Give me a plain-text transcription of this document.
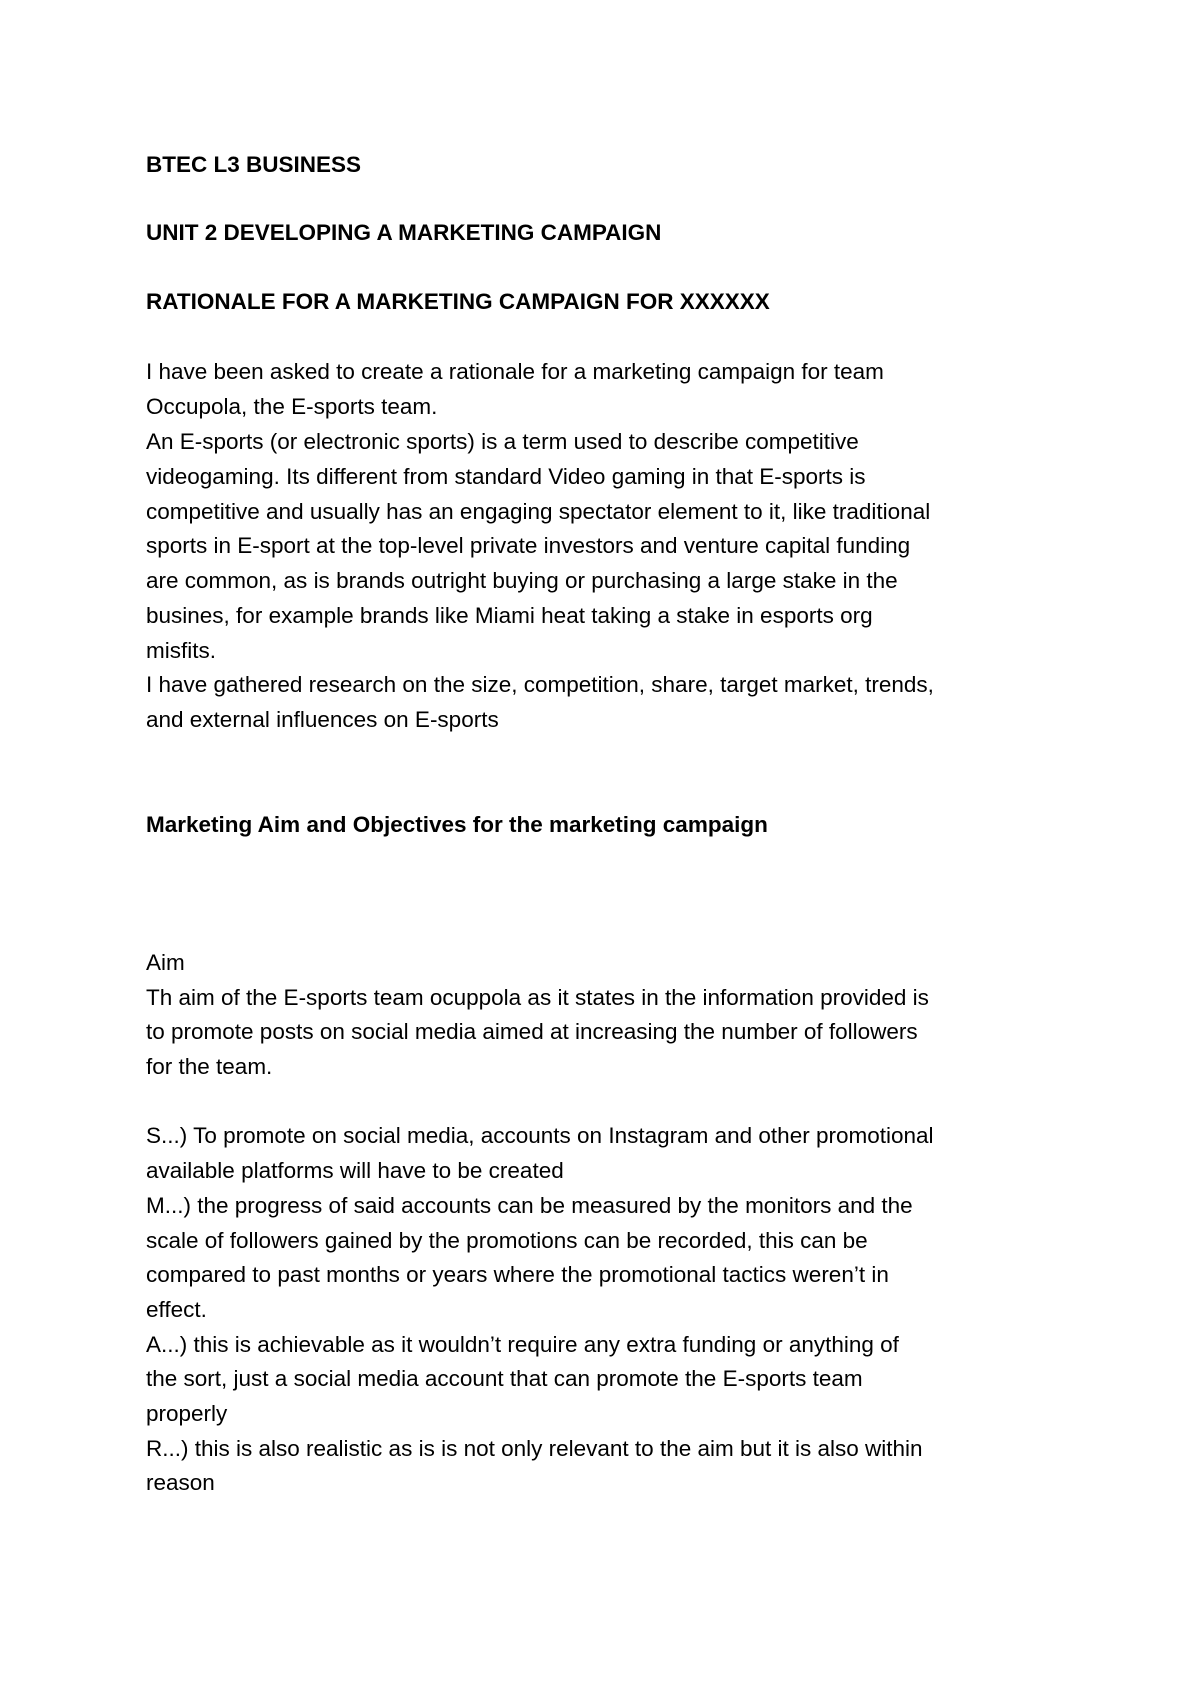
BTEC L3 BUSINESS
UNIT 2 DEVELOPING A MARKETING CAMPAIGN
RATIONALE FOR A MARKETING CAMPAIGN FOR XXXXXX
I have been asked to create a rationale for a marketing campaign for team
Occupola, the E-sports team.
An E-sports (or electronic sports) is a term used to describe competitive
videogaming. Its different from standard Video gaming in that E-sports is
competitive and usually has an engaging spectator element to it, like traditional
sports in E-sport at the top-level private investors and venture capital funding
are common, as is brands outright buying or purchasing a large stake in the
busines, for example brands like Miami heat taking a stake in esports org
misfits.
I have gathered research on the size, competition, share, target market, trends,
and external influences on E-sports
Marketing Aim and Objectives for the marketing campaign
Aim
Th aim of the E-sports team ocuppola as it states in the information provided is
to promote posts on social media aimed at increasing the number of followers
for the team.
S...) To promote on social media, accounts on Instagram and other promotional
available platforms will have to be created
M...) the progress of said accounts can be measured by the monitors and the
scale of followers gained by the promotions can be recorded, this can be
compared to past months or years where the promotional tactics weren’t in
effect.
A...) this is achievable as it wouldn’t require any extra funding or anything of
the sort, just a social media account that can promote the E-sports team
properly
R...) this is also realistic as is is not only relevant to the aim but it is also within
reason
